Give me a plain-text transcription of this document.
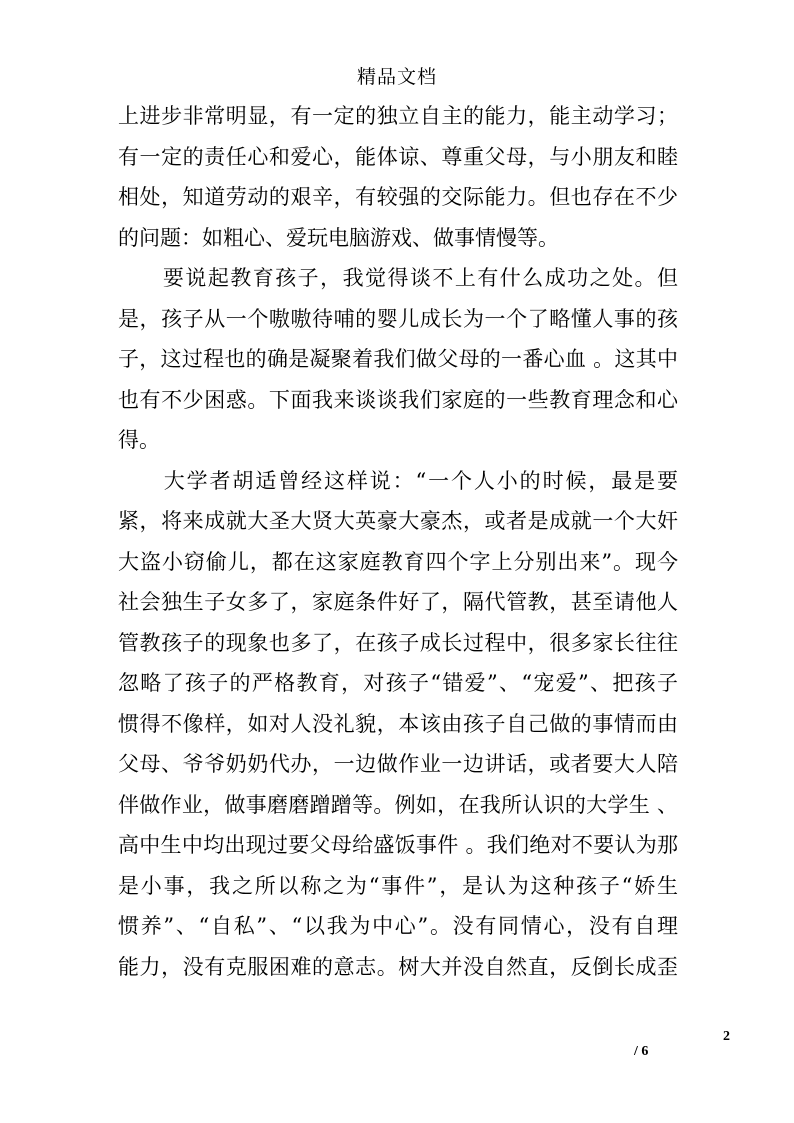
精品文档
上进步非常明显，有一定的独立自主的能力，能主动学习；
有一定的责任心和爱心，能体谅、尊重父母，与小朋友和睦
相处，知道劳动的艰辛，有较强的交际能力。但也存在不少
的问题：如粗心、爱玩电脑游戏、做事情慢等。
　　要说起教育孩子，我觉得谈不上有什么成功之处。但
是，孩子从一个嗷嗷待哺的婴儿成长为一个了略懂人事的孩
子，这过程也的确是凝聚着我们做父母的一番心血 。这其中
也有不少困惑。下面我来谈谈我们家庭的一些教育理念和心
得。
　　大学者胡适曾经这样说：“一个人小的时候，最是要
紧，将来成就大圣大贤大英豪大豪杰，或者是成就一个大奸
大盗小窃偷儿，都在这家庭教育四个字上分别出来”。现今
社会独生子女多了，家庭条件好了，隔代管教，甚至请他人
管教孩子的现象也多了，在孩子成长过程中，很多家长往往
忽略了孩子的严格教育，对孩子“错爱”、“宠爱”、把孩子
惯得不像样，如对人没礼貌，本该由孩子自己做的事情而由
父母、爷爷奶奶代办，一边做作业一边讲话，或者要大人陪
伴做作业，做事磨磨蹭蹭等。例如，在我所认识的大学生 、
高中生中均出现过要父母给盛饭事件 。我们绝对不要认为那
是小事，我之所以称之为“事件”，是认为这种孩子“娇生
惯养”、“自私”、“以我为中心”。没有同情心，没有自理
能力，没有克服困难的意志。树大并没自然直，反倒长成歪
2
/ 6
